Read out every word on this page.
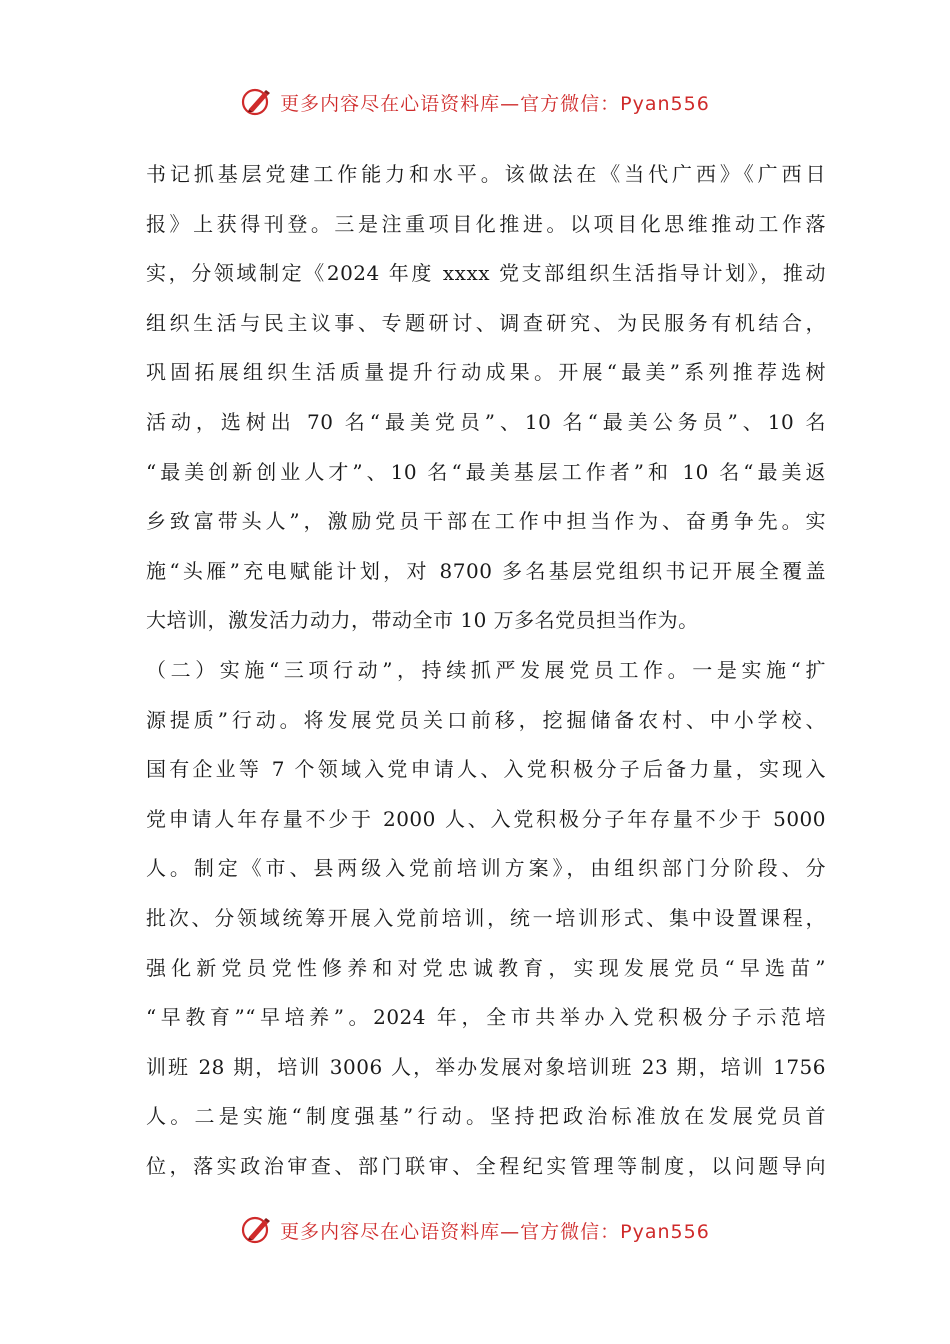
更多内容尽在心语资料库—官方微信：Pyan556
书记抓基层党建工作能力和水平。该做法在《当代广西》《广西日
报》上获得刊登。三是注重项目化推进。以项目化思维推动工作落
实，分领域制定《2024 年度 xxxx 党支部组织生活指导计划》，推动
组织生活与民主议事、专题研讨、调查研究、为民服务有机结合，
巩固拓展组织生活质量提升行动成果。开展“最美”系列推荐选树
活动，选树出 70 名“最美党员”、10 名“最美公务员”、10 名
“最美创新创业人才”、10 名“最美基层工作者”和 10 名“最美返
乡致富带头人”，激励党员干部在工作中担当作为、奋勇争先。实
施“头雁”充电赋能计划，对 8700 多名基层党组织书记开展全覆盖
大培训，激发活力动力，带动全市 10 万多名党员担当作为。
（二）实施“三项行动”，持续抓严发展党员工作。一是实施“扩
源提质”行动。将发展党员关口前移，挖掘储备农村、中小学校、
国有企业等 7 个领域入党申请人、入党积极分子后备力量，实现入
党申请人年存量不少于 2000 人、入党积极分子年存量不少于 5000
人。制定《市、县两级入党前培训方案》，由组织部门分阶段、分
批次、分领域统筹开展入党前培训，统一培训形式、集中设置课程，
强化新党员党性修养和对党忠诚教育，实现发展党员“早选苗”
“早教育”“早培养”。2024 年，全市共举办入党积极分子示范培
训班 28 期，培训 3006 人，举办发展对象培训班 23 期，培训 1756
人。二是实施“制度强基”行动。坚持把政治标准放在发展党员首
位，落实政治审查、部门联审、全程纪实管理等制度，以问题导向
更多内容尽在心语资料库—官方微信：Pyan556
